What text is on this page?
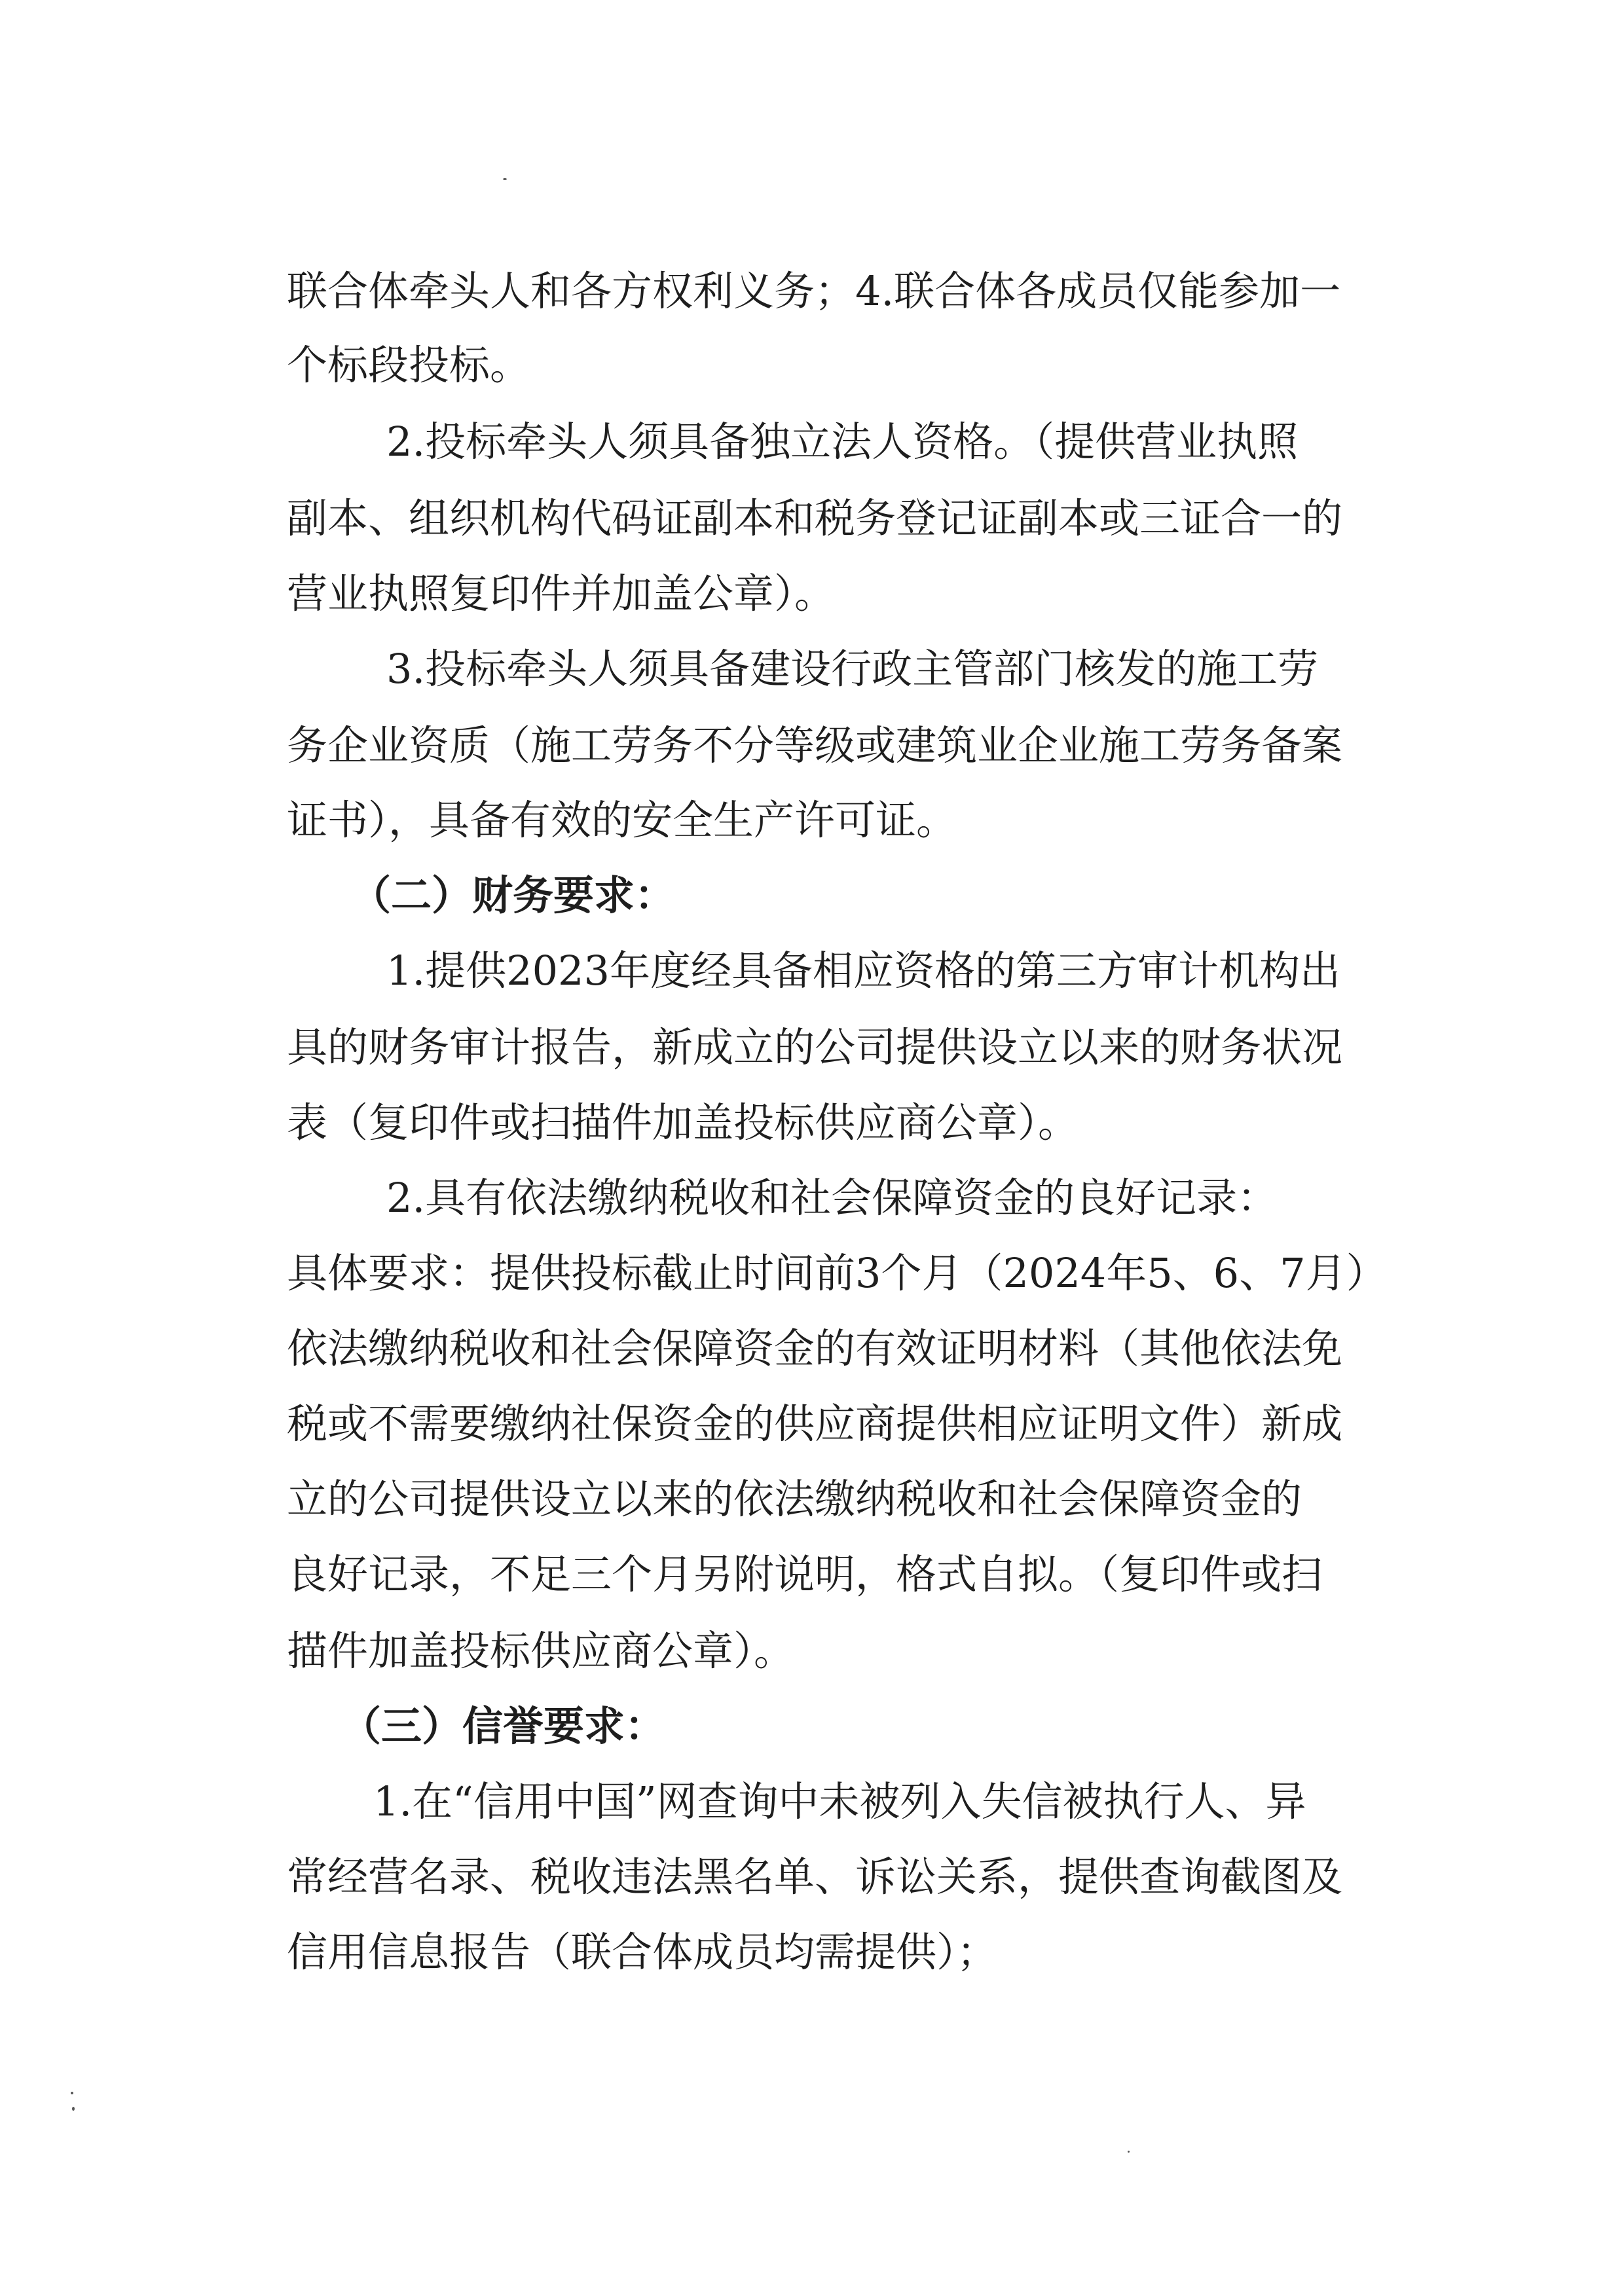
联合体牵头人和各方权利义务；4.联合体各成员仅能参加一
个标段投标。
2.投标牵头人须具备独立法人资格。（提供营业执照
副本、组织机构代码证副本和税务登记证副本或三证合一的
营业执照复印件并加盖公章）。
3.投标牵头人须具备建设行政主管部门核发的施工劳
务企业资质（施工劳务不分等级或建筑业企业施工劳务备案
证书），具备有效的安全生产许可证。
（二）财务要求：
1.提供2023年度经具备相应资格的第三方审计机构出
具的财务审计报告，新成立的公司提供设立以来的财务状况
表（复印件或扫描件加盖投标供应商公章）。
2.具有依法缴纳税收和社会保障资金的良好记录：
具体要求：提供投标截止时间前3个月（2024年5、6、7月）
依法缴纳税收和社会保障资金的有效证明材料（其他依法免
税或不需要缴纳社保资金的供应商提供相应证明文件）新成
立的公司提供设立以来的依法缴纳税收和社会保障资金的
良好记录，不足三个月另附说明，格式自拟。（复印件或扫
描件加盖投标供应商公章）。
（三）信誉要求：
1.在“信用中国”网查询中未被列入失信被执行人、异
常经营名录、税收违法黑名单、诉讼关系，提供查询截图及
信用信息报告（联合体成员均需提供）；
